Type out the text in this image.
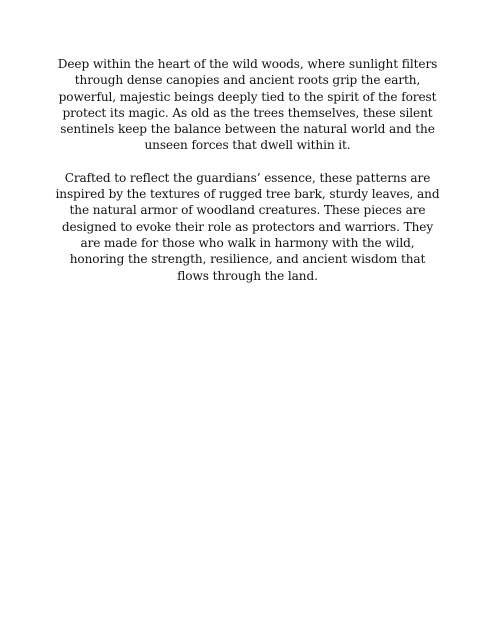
Deep within the heart of the wild woods, where sunlight filters through dense canopies and ancient roots grip the earth, powerful, majestic beings deeply tied to the spirit of the forest protect its magic. As old as the trees themselves, these silent sentinels keep the balance between the natural world and the unseen forces that dwell within it.

Crafted to reflect the guardians’ essence, these patterns are inspired by the textures of rugged tree bark, sturdy leaves, and the natural armor of woodland creatures. These pieces are designed to evoke their role as protectors and warriors. They are made for those who walk in harmony with the wild, honoring the strength, resilience, and ancient wisdom that flows through the land.
